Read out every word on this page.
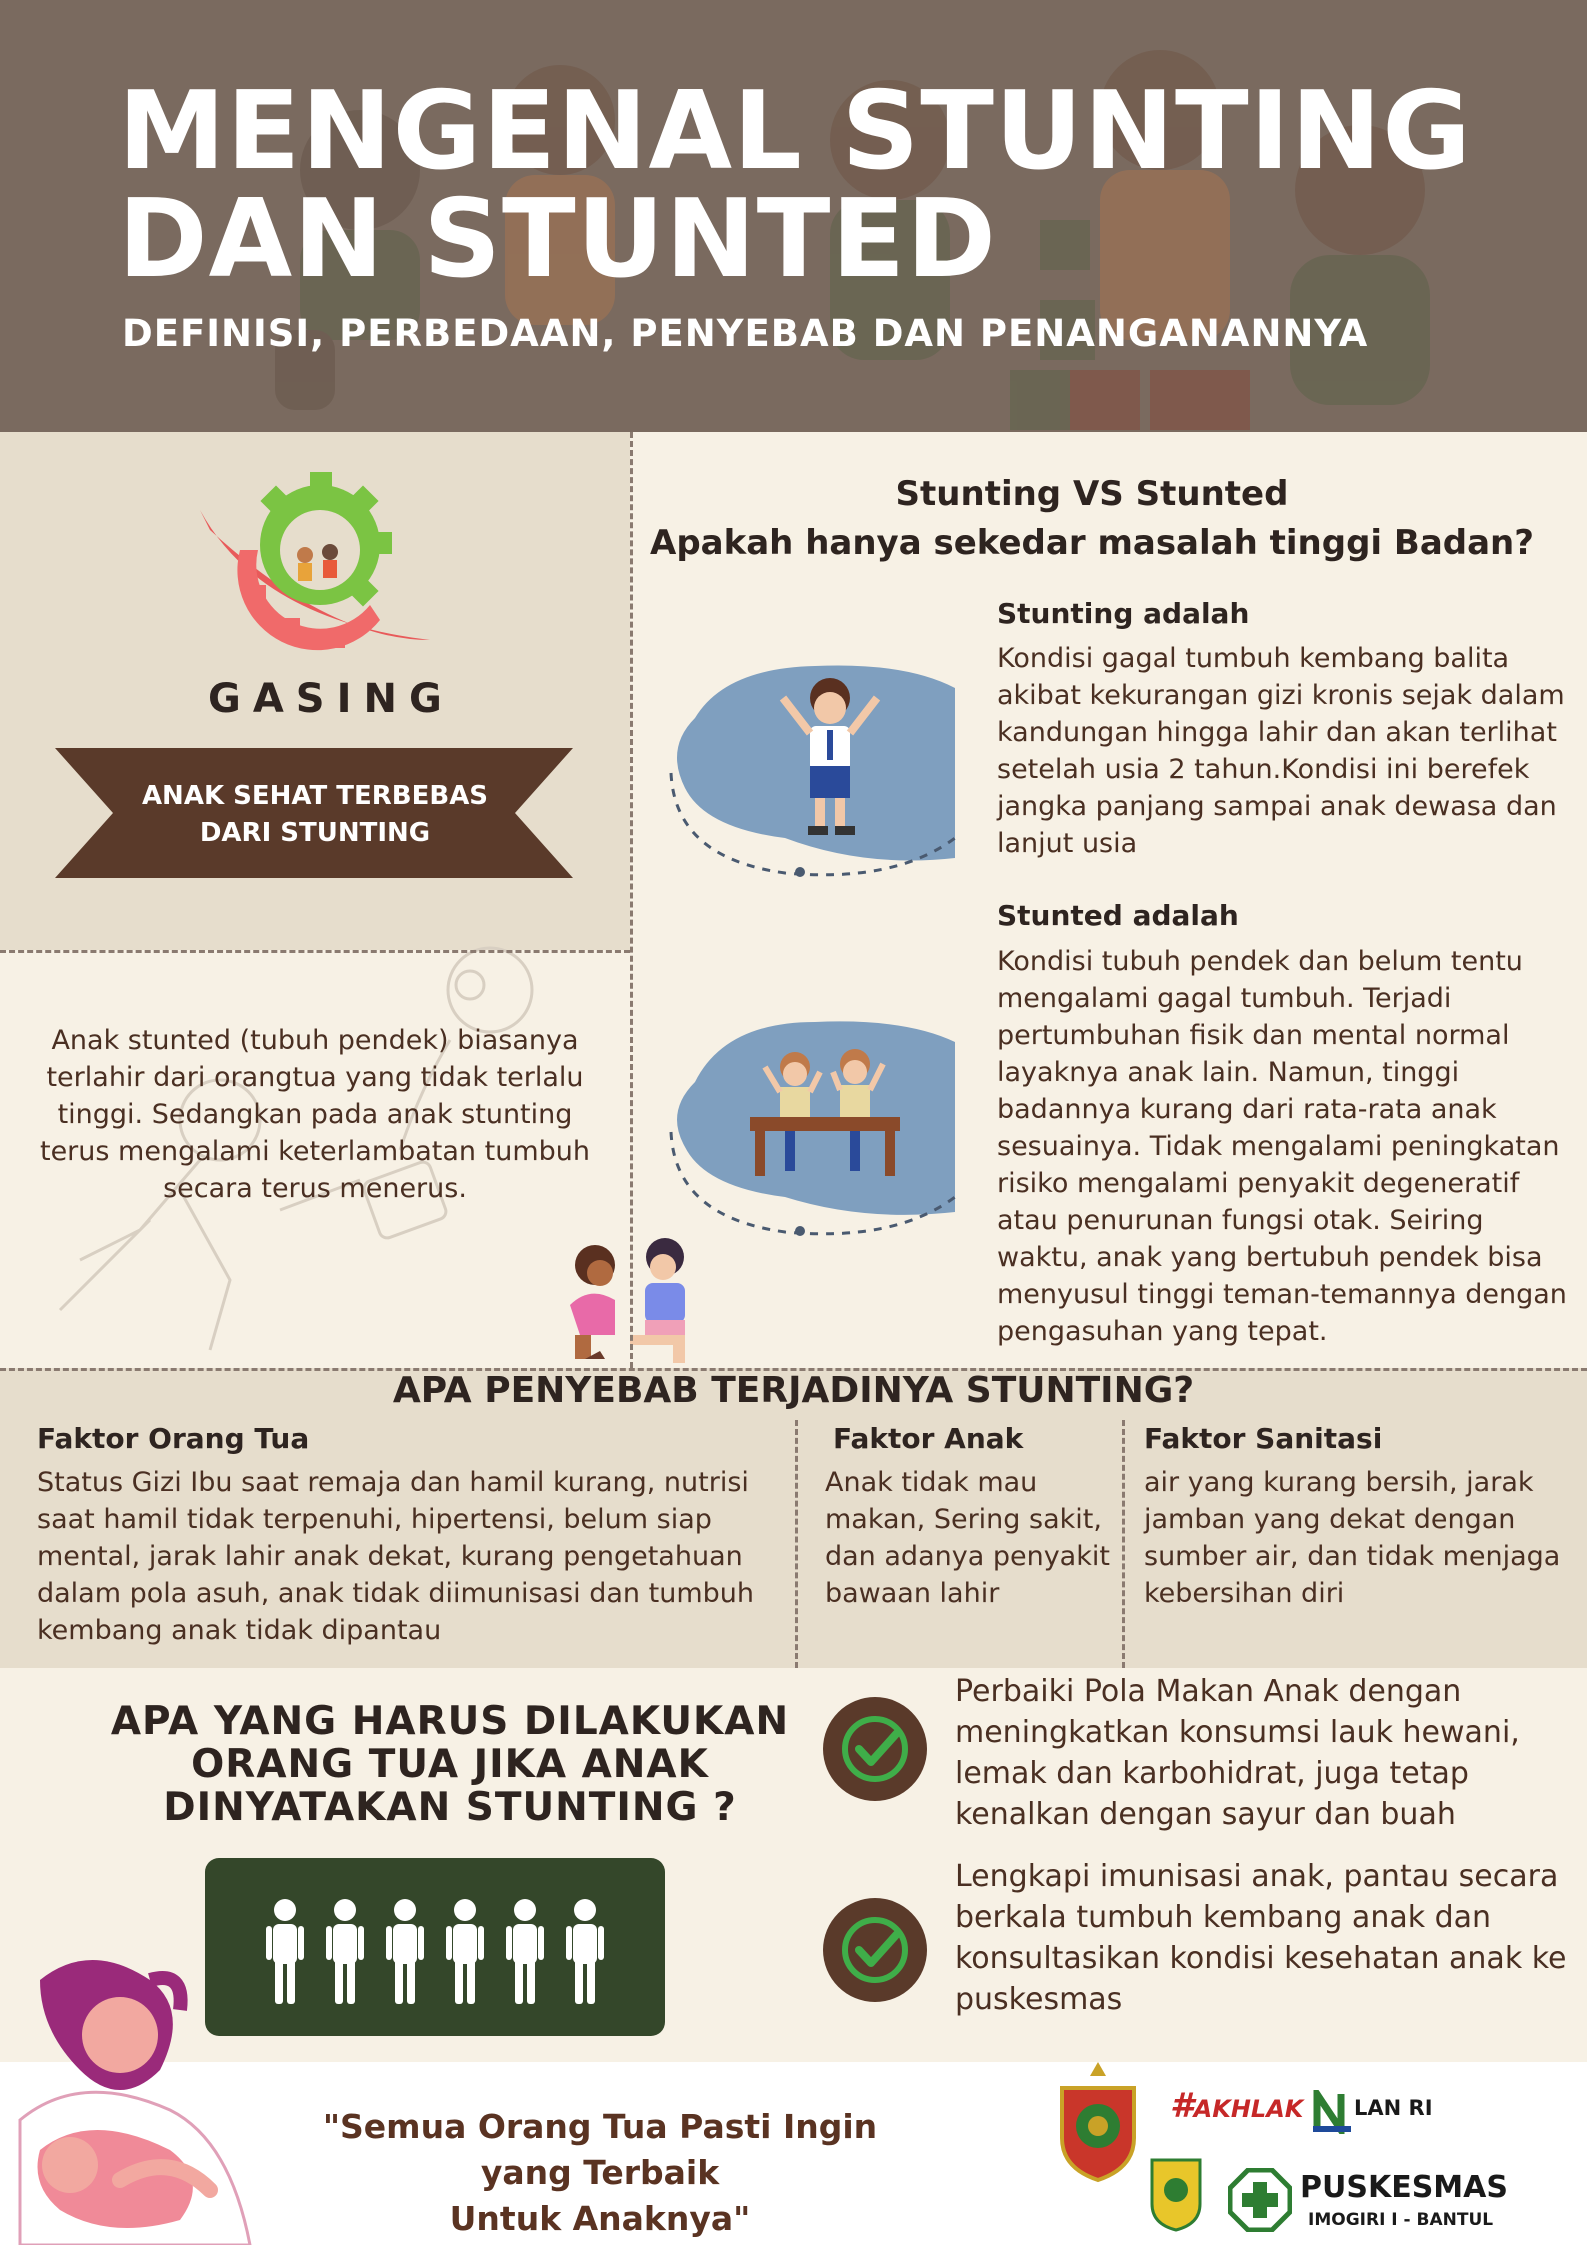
MENGENAL STUNTING
DAN STUNTED
DEFINISI, PERBEDAAN, PENYEBAB DAN PENANGANANNYA
GASING
ANAK SEHAT TERBEBAS
DARI STUNTING
Anak stunted (tubuh pendek) biasanya terlahir dari orangtua yang tidak terlalu tinggi. Sedangkan pada anak stunting terus mengalami keterlambatan tumbuh secara terus menerus.
Stunting VS Stunted
Apakah hanya sekedar masalah tinggi Badan?
Stunting adalah
Kondisi gagal tumbuh kembang balita akibat kekurangan gizi kronis sejak dalam kandungan hingga lahir dan akan terlihat setelah usia 2 tahun.Kondisi ini berefek jangka panjang sampai anak dewasa dan lanjut usia
Stunted adalah
Kondisi tubuh pendek dan belum tentu mengalami gagal tumbuh. Terjadi pertumbuhan fisik dan mental normal layaknya anak lain. Namun, tinggi badannya kurang dari rata-rata anak sesuainya. Tidak mengalami peningkatan risiko mengalami penyakit degeneratif atau penurunan fungsi otak. Seiring waktu, anak yang bertubuh pendek bisa menyusul tinggi teman-temannya dengan pengasuhan yang tepat.
APA PENYEBAB TERJADINYA STUNTING?
Faktor Orang Tua
Status Gizi Ibu saat remaja dan hamil kurang, nutrisi saat hamil tidak terpenuhi, hipertensi, belum siap mental, jarak lahir anak dekat, kurang pengetahuan dalam pola asuh, anak tidak diimunisasi dan tumbuh kembang anak tidak dipantau
Faktor Anak
Anak tidak mau makan, Sering sakit, dan adanya penyakit bawaan lahir
Faktor Sanitasi
air yang kurang bersih, jarak jamban yang dekat dengan sumber air, dan tidak menjaga kebersihan diri
APA YANG HARUS DILAKUKAN
ORANG TUA JIKA ANAK
DINYATAKAN STUNTING ?
Perbaiki Pola Makan Anak dengan meningkatkan konsumsi lauk hewani, lemak dan karbohidrat, juga tetap kenalkan dengan sayur dan buah
Lengkapi imunisasi anak, pantau secara berkala tumbuh kembang anak dan konsultasikan kondisi kesehatan anak ke puskesmas
"Semua Orang Tua Pasti Ingin yang Terbaik
Untuk Anaknya"
#AKHLAK LAN RI
PUSKESMAS
IMOGIRI I - BANTUL
